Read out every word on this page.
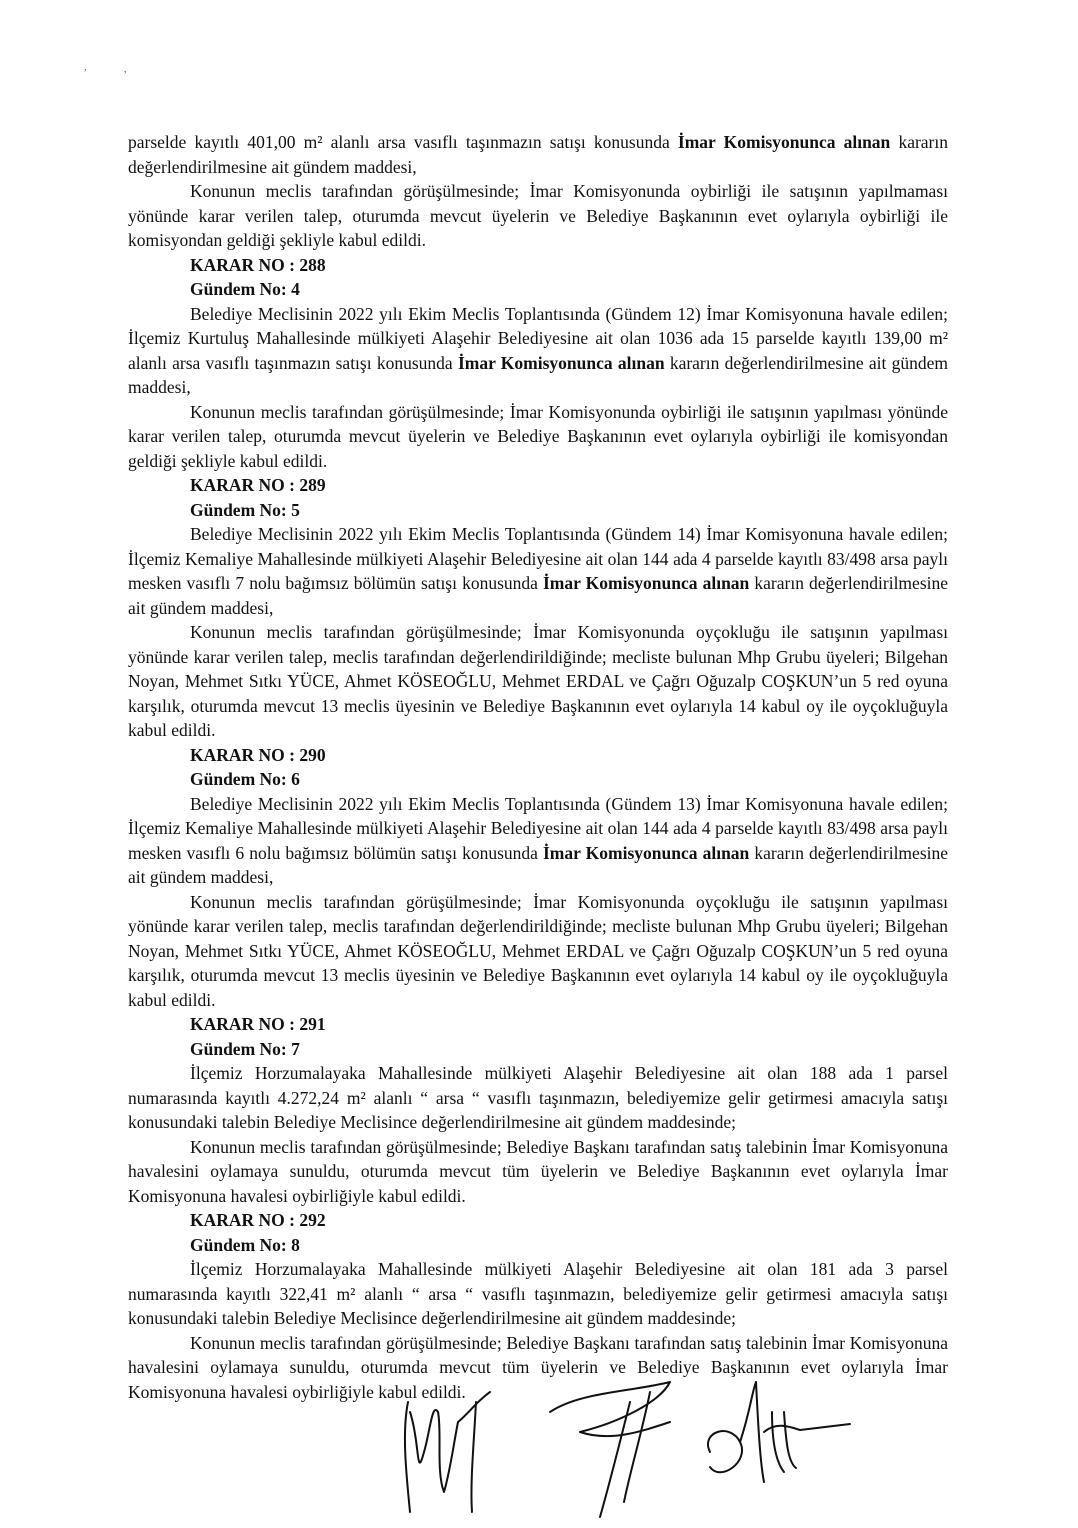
,	,

parselde kayıtlı 401,00 m² alanlı arsa vasıflı taşınmazın satışı konusunda İmar Komisyonunca alınan kararın değerlendirilmesine ait gündem maddesi,

Konunun meclis tarafından görüşülmesinde; İmar Komisyonunda oybirliği ile satışının yapılmaması yönünde karar verilen talep, oturumda mevcut üyelerin ve Belediye Başkanının evet oylarıyla oybirliği ile komisyondan geldiği şekliyle kabul edildi.

KARAR NO : 288
Gündem No: 4

Belediye Meclisinin 2022 yılı Ekim Meclis Toplantısında (Gündem 12) İmar Komisyonuna havale edilen; İlçemiz Kurtuluş Mahallesinde mülkiyeti Alaşehir Belediyesine ait olan 1036 ada 15 parselde kayıtlı 139,00 m² alanlı arsa vasıflı taşınmazın satışı konusunda İmar Komisyonunca alınan kararın değerlendirilmesine ait gündem maddesi,

Konunun meclis tarafından görüşülmesinde; İmar Komisyonunda oybirliği ile satışının yapılması yönünde karar verilen talep, oturumda mevcut üyelerin ve Belediye Başkanının evet oylarıyla oybirliği ile komisyondan geldiği şekliyle kabul edildi.

KARAR NO : 289
Gündem No: 5

Belediye Meclisinin 2022 yılı Ekim Meclis Toplantısında (Gündem 14) İmar Komisyonuna havale edilen; İlçemiz Kemaliye Mahallesinde mülkiyeti Alaşehir Belediyesine ait olan 144 ada 4 parselde kayıtlı 83/498 arsa paylı mesken vasıflı 7 nolu bağımsız bölümün satışı konusunda İmar Komisyonunca alınan kararın değerlendirilmesine ait gündem maddesi,

Konunun meclis tarafından görüşülmesinde; İmar Komisyonunda oyçokluğu ile satışının yapılması yönünde karar verilen talep, meclis tarafından değerlendirildiğinde; mecliste bulunan Mhp Grubu üyeleri; Bilgehan Noyan, Mehmet Sıtkı YÜCE, Ahmet KÖSEOĞLU, Mehmet ERDAL ve Çağrı Oğuzalp COŞKUN’un 5 red oyuna karşılık, oturumda mevcut 13 meclis üyesinin ve Belediye Başkanının evet oylarıyla 14 kabul oy ile oyçokluğuyla kabul edildi.

KARAR NO : 290
Gündem No: 6

Belediye Meclisinin 2022 yılı Ekim Meclis Toplantısında (Gündem 13) İmar Komisyonuna havale edilen; İlçemiz Kemaliye Mahallesinde mülkiyeti Alaşehir Belediyesine ait olan 144 ada 4 parselde kayıtlı 83/498 arsa paylı mesken vasıflı 6 nolu bağımsız bölümün satışı konusunda İmar Komisyonunca alınan kararın değerlendirilmesine ait gündem maddesi,

Konunun meclis tarafından görüşülmesinde; İmar Komisyonunda oyçokluğu ile satışının yapılması yönünde karar verilen talep, meclis tarafından değerlendirildiğinde; mecliste bulunan Mhp Grubu üyeleri; Bilgehan Noyan, Mehmet Sıtkı YÜCE, Ahmet KÖSEOĞLU, Mehmet ERDAL ve Çağrı Oğuzalp COŞKUN’un 5 red oyuna karşılık, oturumda mevcut 13 meclis üyesinin ve Belediye Başkanının evet oylarıyla 14 kabul oy ile oyçokluğuyla kabul edildi.

KARAR NO : 291
Gündem No: 7

İlçemiz Horzumalayaka Mahallesinde mülkiyeti Alaşehir Belediyesine ait olan 188 ada 1 parsel numarasında kayıtlı 4.272,24 m² alanlı “ arsa “ vasıflı taşınmazın, belediyemize gelir getirmesi amacıyla satışı konusundaki talebin Belediye Meclisince değerlendirilmesine ait gündem maddesinde;

Konunun meclis tarafından görüşülmesinde; Belediye Başkanı tarafından satış talebinin İmar Komisyonuna havalesini oylamaya sunuldu, oturumda mevcut tüm üyelerin ve Belediye Başkanının evet oylarıyla İmar Komisyonuna havalesi oybirliğiyle kabul edildi.

KARAR NO : 292
Gündem No: 8

İlçemiz Horzumalayaka Mahallesinde mülkiyeti Alaşehir Belediyesine ait olan 181 ada 3 parsel numarasında kayıtlı 322,41 m² alanlı “ arsa “ vasıflı taşınmazın, belediyemize gelir getirmesi amacıyla satışı konusundaki talebin Belediye Meclisince değerlendirilmesine ait gündem maddesinde;

Konunun meclis tarafından görüşülmesinde; Belediye Başkanı tarafından satış talebinin İmar Komisyonuna havalesini oylamaya sunuldu, oturumda mevcut tüm üyelerin ve Belediye Başkanının evet oylarıyla İmar Komisyonuna havalesi oybirliğiyle kabul edildi.
